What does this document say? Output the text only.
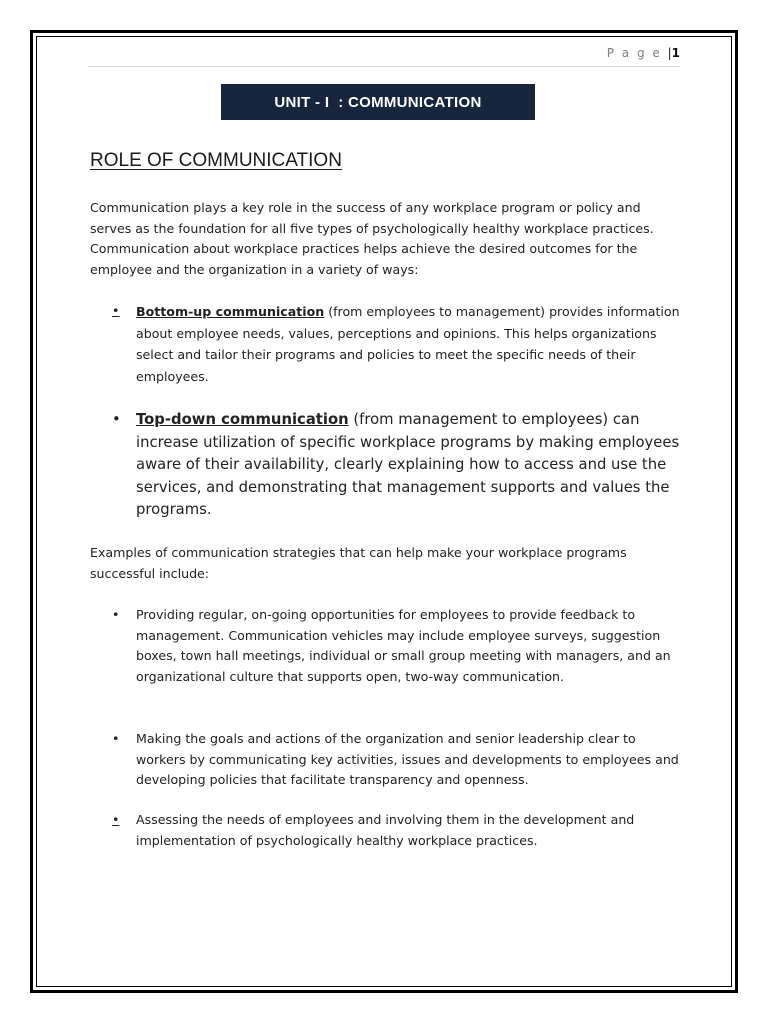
P a g e |1
UNIT - I  : COMMUNICATION
ROLE OF COMMUNICATION

Communication plays a key role in the success of any workplace program or policy and serves as the foundation for all five types of psychologically healthy workplace practices. Communication about workplace practices helps achieve the desired outcomes for the employee and the organization in a variety of ways:

•	Bottom-up communication (from employees to management) provides information about employee needs, values, perceptions and opinions. This helps organizations select and tailor their programs and policies to meet the specific needs of their employees.

•	Top-down communication (from management to employees) can increase utilization of specific workplace programs by making employees aware of their availability, clearly explaining how to access and use the services, and demonstrating that management supports and values the programs.

Examples of communication strategies that can help make your workplace programs successful include:

•	Providing regular, on-going opportunities for employees to provide feedback to management. Communication vehicles may include employee surveys, suggestion boxes, town hall meetings, individual or small group meeting with managers, and an organizational culture that supports open, two-way communication.

•	Making the goals and actions of the organization and senior leadership clear to workers by communicating key activities, issues and developments to employees and developing policies that facilitate transparency and openness.

•	Assessing the needs of employees and involving them in the development and implementation of psychologically healthy workplace practices.
